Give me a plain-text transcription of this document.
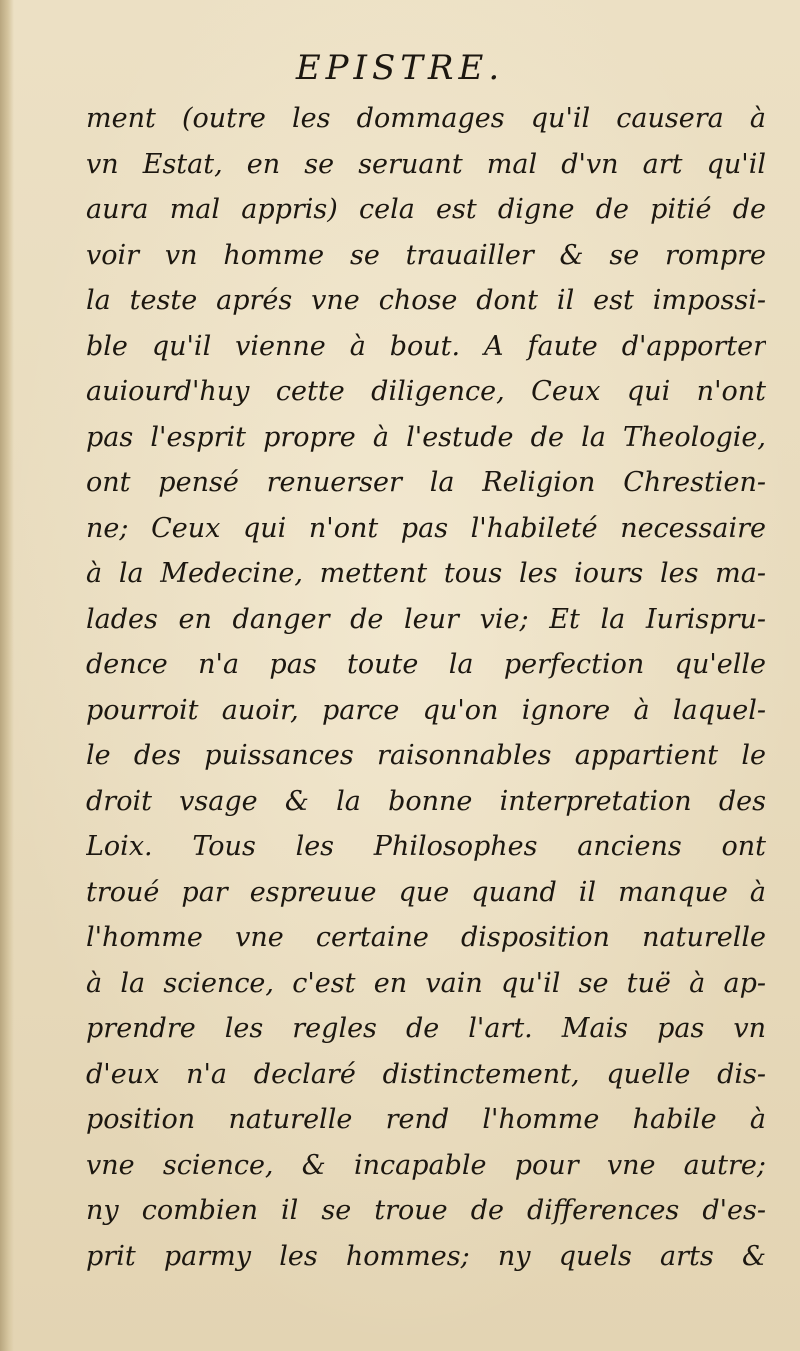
EPISTRE.
ment (outre les dommages qu'il causera à
vn Estat, en se seruant mal d'vn art qu'il
aura mal appris) cela est digne de pitié de
voir vn homme se trauailler & se rompre
la teste aprés vne chose dont il est impossi-
ble qu'il vienne à bout. A faute d'apporter
auiourd'huy cette diligence, Ceux qui n'ont
pas l'esprit propre à l'estude de la Theologie,
ont pensé renuerser la Religion Chrestien-
ne; Ceux qui n'ont pas l'habileté necessaire
à la Medecine, mettent tous les iours les ma-
lades en danger de leur vie; Et la Iurispru-
dence n'a pas toute la perfection qu'elle
pourroit auoir, parce qu'on ignore à laquel-
le des puissances raisonnables appartient le
droit vsage & la bonne interpretation des
Loix. Tous les Philosophes anciens ont
troué par espreuue que quand il manque à
l'homme vne certaine disposition naturelle
à la science, c'est en vain qu'il se tuë à ap-
prendre les regles de l'art. Mais pas vn
d'eux n'a declaré distinctement, quelle dis-
position naturelle rend l'homme habile à
vne science, & incapable pour vne autre;
ny combien il se troue de differences d'es-
prit parmy les hommes; ny quels arts &
